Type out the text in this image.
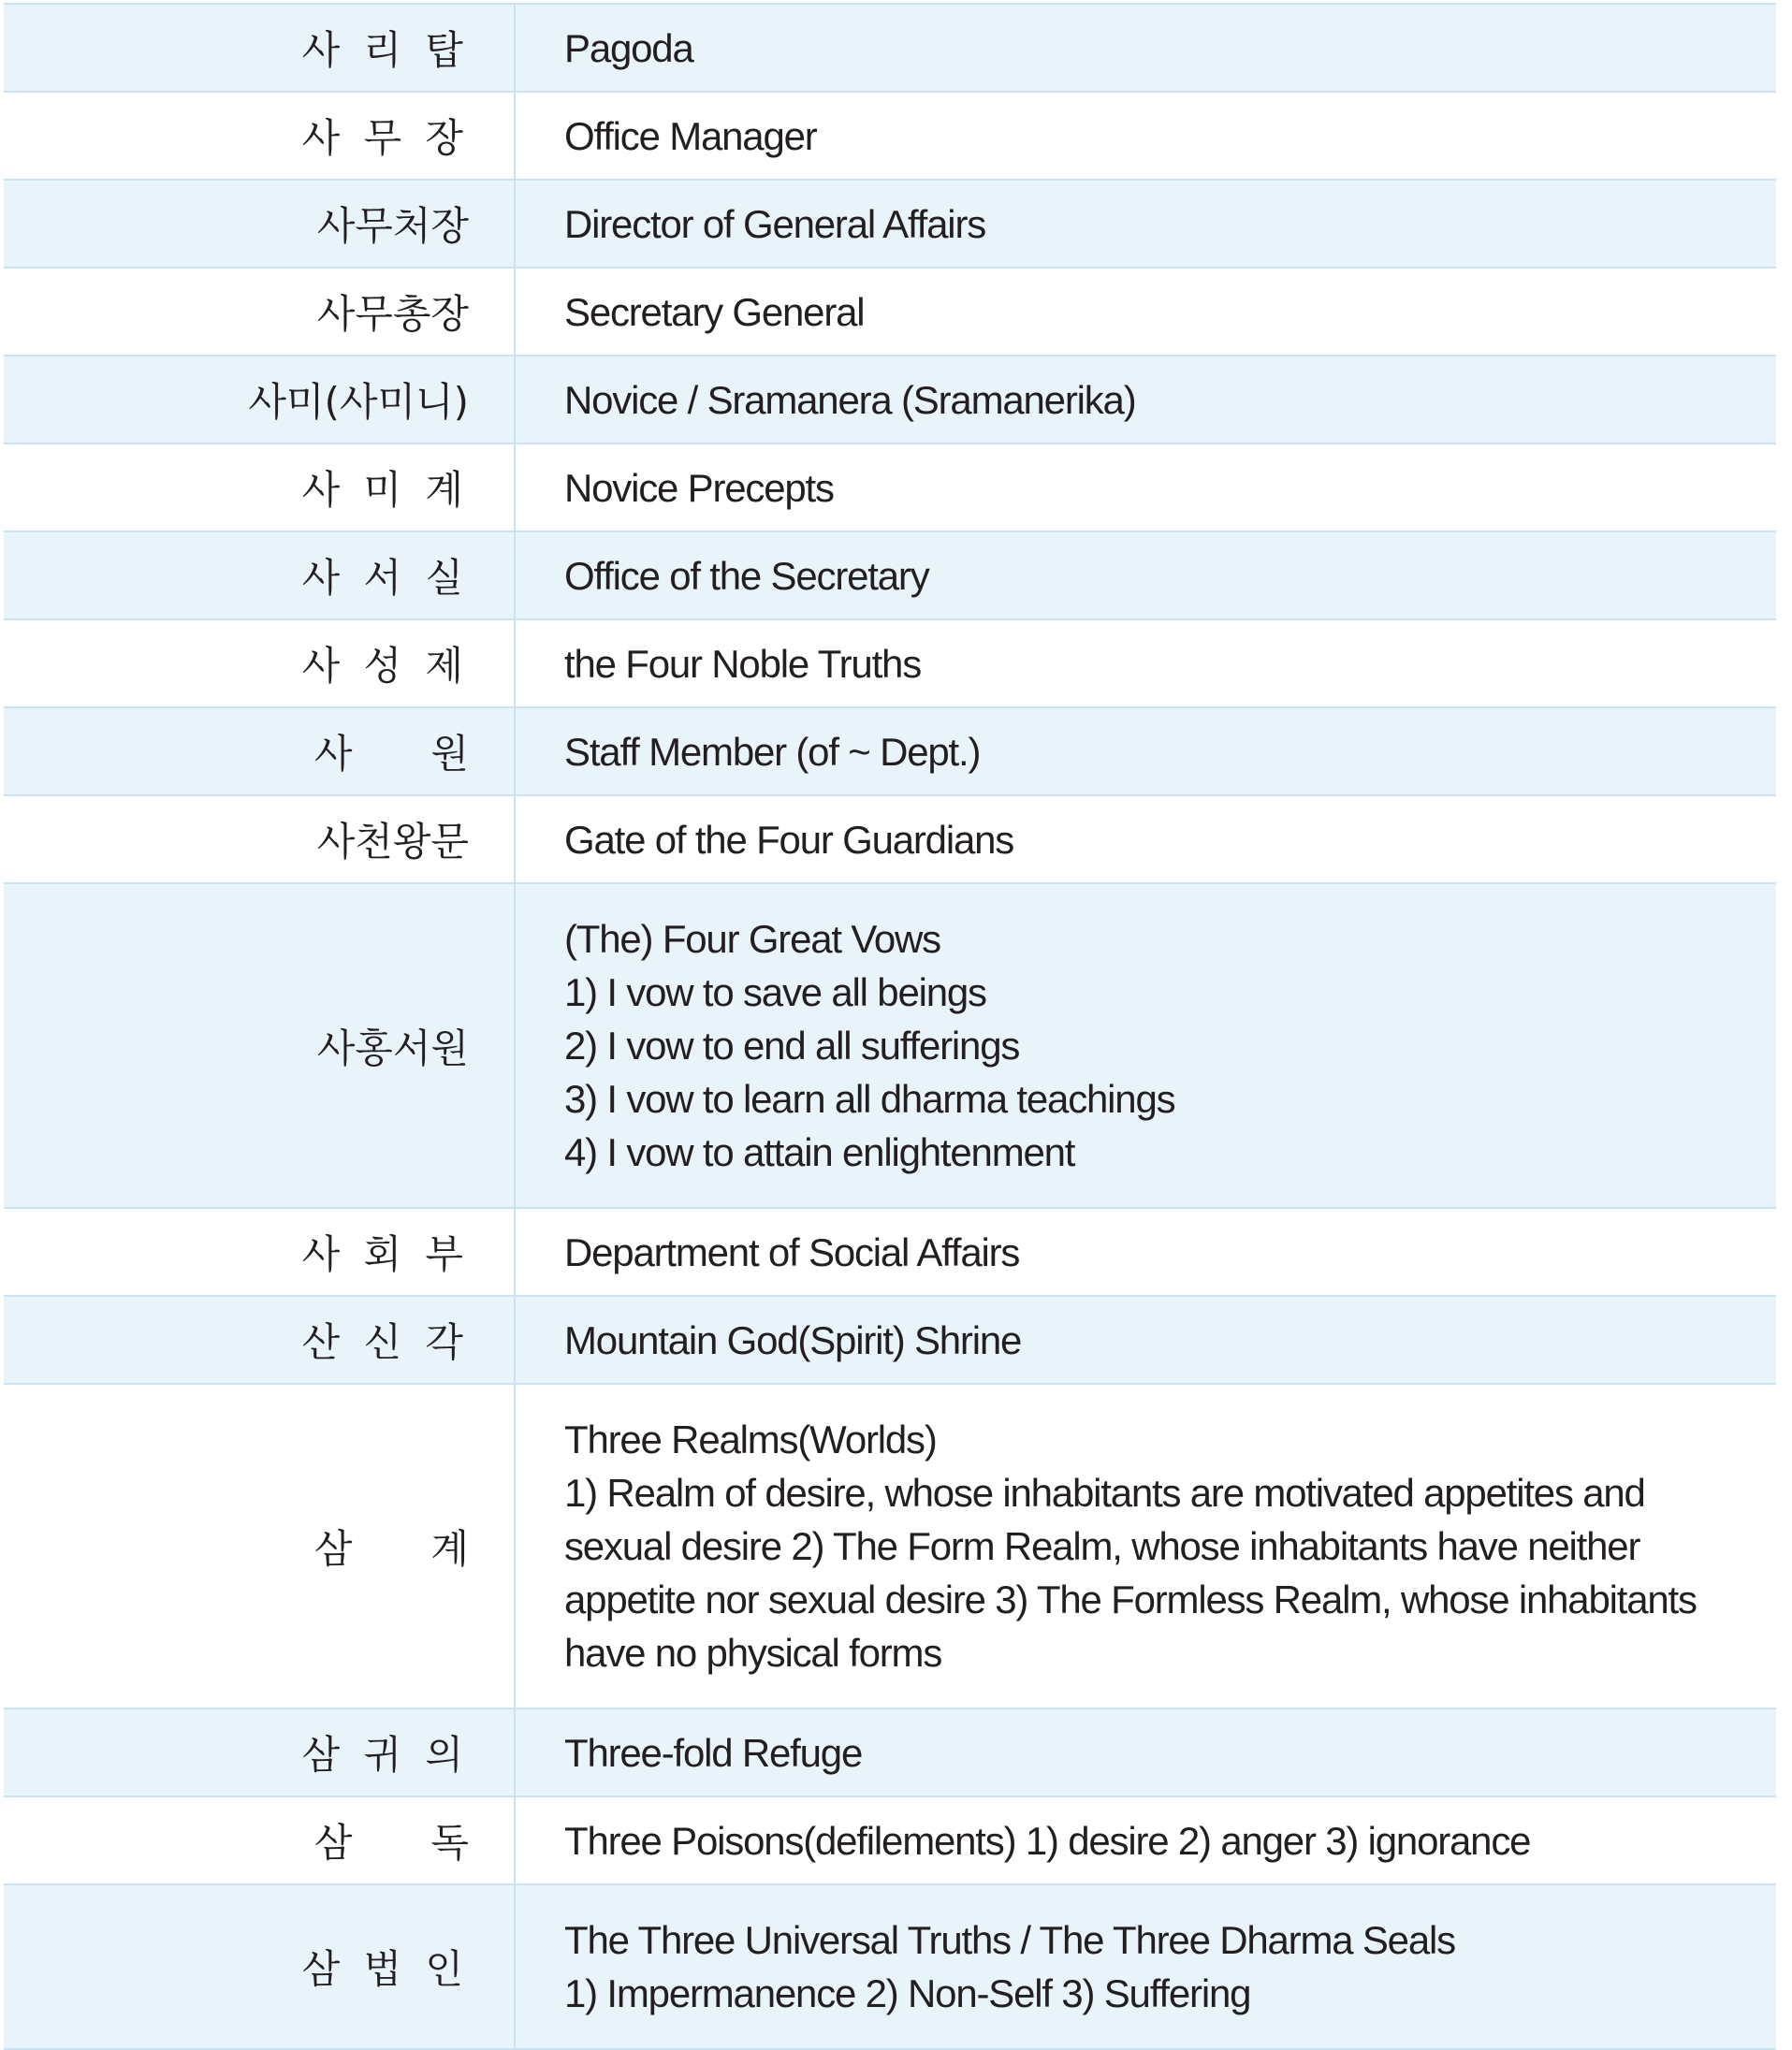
사 리 탑	Pagoda

사 무 장	Office Manager

사무처장	Director of General Affairs

사무총장	Secretary General

사미(사미니)	Novice / Sramanera (Sramanerika)

사 미 계	Novice Precepts

사 서 실	Office of the Secretary

사 성 제	the Four Noble Truths

사　　원	Staff Member (of ~ Dept.)

사천왕문	Gate of the Four Guardians

사홍서원	(The) Four Great Vows
1) I vow to save all beings
2) I vow to end all sufferings
3) I vow to learn all dharma teachings
4) I vow to attain enlightenment

사 회 부	Department of Social Affairs

산 신 각	Mountain God(Spirit) Shrine

삼　　계	Three Realms(Worlds)
1) Realm of desire, whose inhabitants are motivated appetites and
sexual desire 2) The Form Realm, whose inhabitants have neither
appetite nor sexual desire 3) The Formless Realm, whose inhabitants
have no physical forms

삼 귀 의	Three-fold Refuge

삼　　독	Three Poisons(defilements) 1) desire 2) anger 3) ignorance

삼 법 인	The Three Universal Truths / The Three Dharma Seals
1) Impermanence 2) Non-Self 3) Suffering
